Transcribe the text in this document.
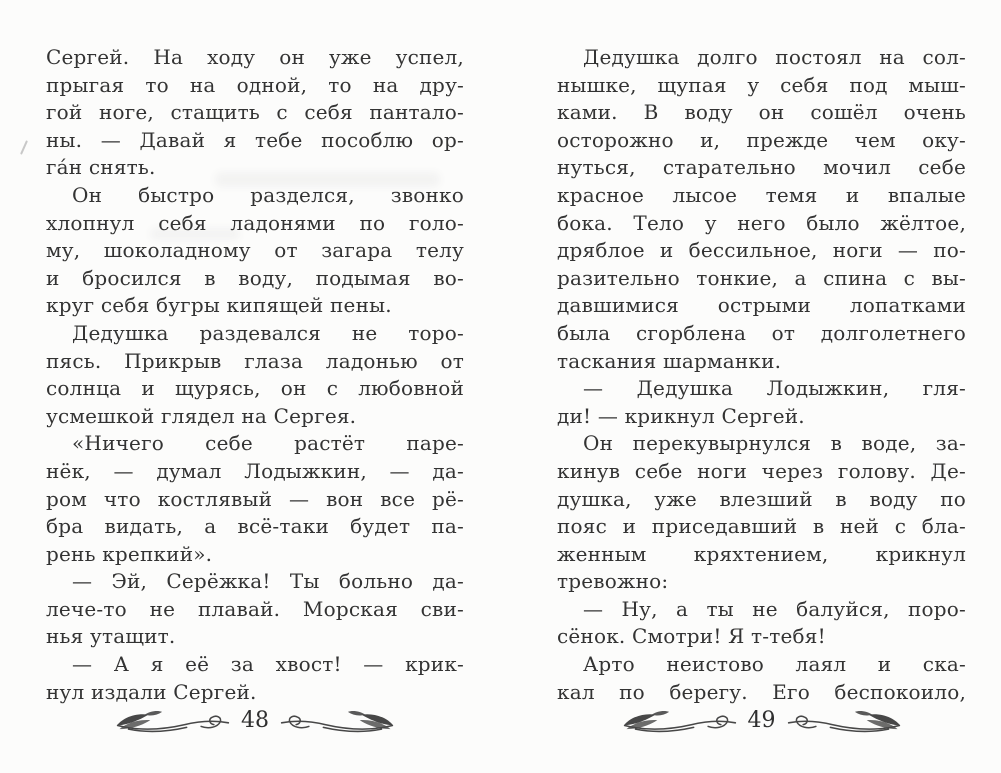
Сергей. На ходу он уже успел,
прыгая то на одной, то на дру-
гой ноге, стащить с себя пантало-
ны. — Давай я тебе пособлю ор-
га́н снять.
Он быстро разделся, звонко
хлопнул себя ладонями по голо-
му, шоколадному от загара телу
и бросился в воду, подымая во-
круг себя бугры кипящей пены.
Дедушка раздевался не торо-
пясь. Прикрыв глаза ладонью от
солнца и щурясь, он с любовной
усмешкой глядел на Сергея.
«Ничего себе растёт паре-
нёк, — думал Лодыжкин, — да-
ром что костлявый — вон все рё-
бра видать, а всё-таки будет па-
рень крепкий».
— Эй, Серёжка! Ты больно да-
лече-то не плавай. Морская сви-
нья утащит.
— А я её за хвост! — крик-
нул издали Сергей.
Дедушка долго постоял на сол-
нышке, щупая у себя под мыш-
ками. В воду он сошёл очень
осторожно и, прежде чем оку-
нуться, старательно мочил себе
красное лысое темя и впалые
бока. Тело у него было жёлтое,
дряблое и бессильное, ноги — по-
разительно тонкие, а спина с вы-
давшимися острыми лопатками
была сгорблена от долголетнего
таскания шарманки.
— Дедушка Лодыжкин, гля-
ди! — крикнул Сергей.
Он перекувырнулся в воде, за-
кинув себе ноги через голову. Де-
душка, уже влезший в воду по
пояс и приседавший в ней с бла-
женным кряхтением, крикнул
тревожно:
— Ну, а ты не балуйся, поро-
сёнок. Смотри! Я т-тебя!
Арто неистово лаял и ска-
кал по берегу. Его беспокоило,
48	49
